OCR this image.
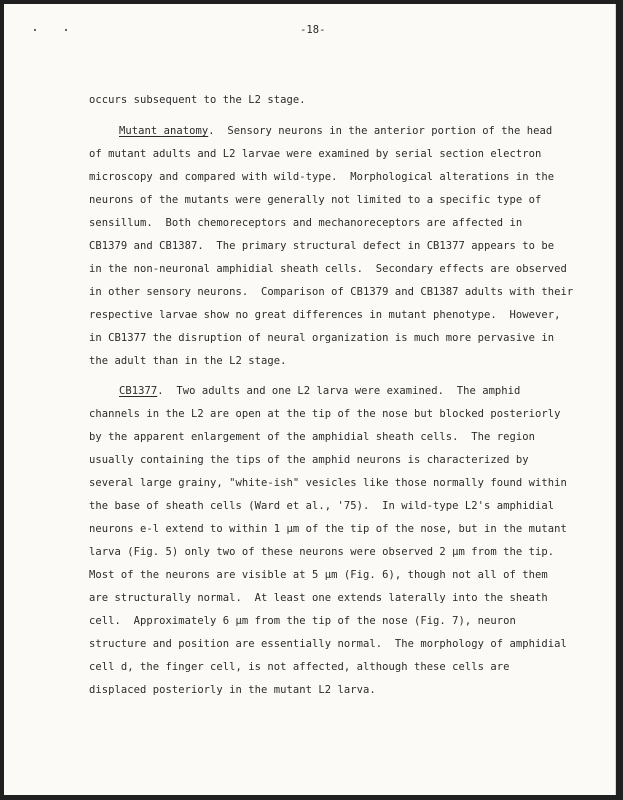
-18-
occurs subsequent to the L2 stage.
Mutant anatomy.  Sensory neurons in the anterior portion of the head
of mutant adults and L2 larvae were examined by serial section electron
microscopy and compared with wild-type.  Morphological alterations in the
neurons of the mutants were generally not limited to a specific type of
sensillum.  Both chemoreceptors and mechanoreceptors are affected in
CB1379 and CB1387.  The primary structural defect in CB1377 appears to be
in the non-neuronal amphidial sheath cells.  Secondary effects are observed
in other sensory neurons.  Comparison of CB1379 and CB1387 adults with their
respective larvae show no great differences in mutant phenotype.  However,
in CB1377 the disruption of neural organization is much more pervasive in
the adult than in the L2 stage.
CB1377.  Two adults and one L2 larva were examined.  The amphid
channels in the L2 are open at the tip of the nose but blocked posteriorly
by the apparent enlargement of the amphidial sheath cells.  The region
usually containing the tips of the amphid neurons is characterized by
several large grainy, "white-ish" vesicles like those normally found within
the base of sheath cells (Ward et al., '75).  In wild-type L2's amphidial
neurons e-l extend to within 1 µm of the tip of the nose, but in the mutant
larva (Fig. 5) only two of these neurons were observed 2 µm from the tip.
Most of the neurons are visible at 5 µm (Fig. 6), though not all of them
are structurally normal.  At least one extends laterally into the sheath
cell.  Approximately 6 µm from the tip of the nose (Fig. 7), neuron
structure and position are essentially normal.  The morphology of amphidial
cell d, the finger cell, is not affected, although these cells are
displaced posteriorly in the mutant L2 larva.
